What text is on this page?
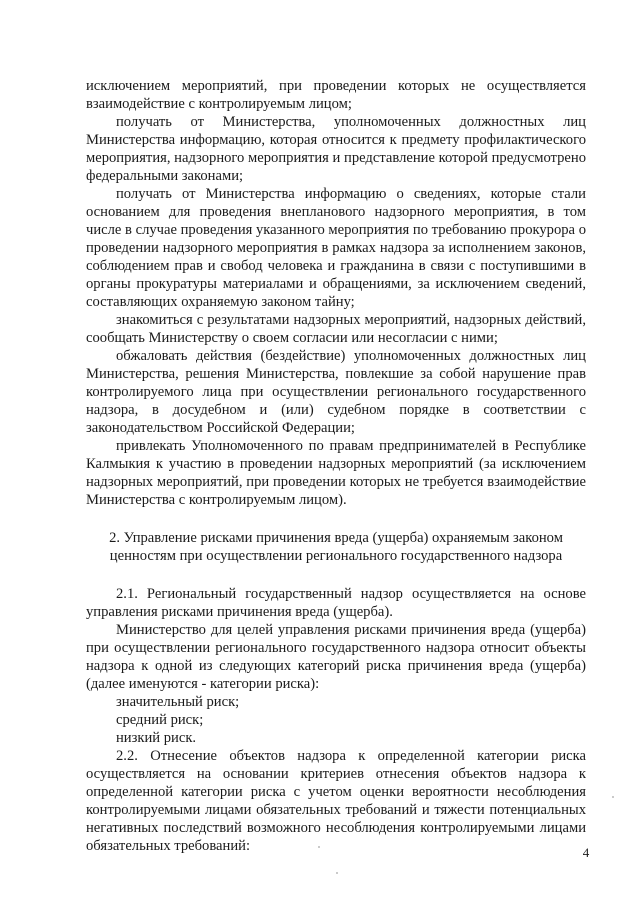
исключением мероприятий, при проведении которых не осуществляется взаимодействие с контролируемым лицом;

получать от Министерства, уполномоченных должностных лиц Министерства информацию, которая относится к предмету профилактического мероприятия, надзорного мероприятия и представление которой предусмотрено федеральными законами;

получать от Министерства информацию о сведениях, которые стали основанием для проведения внепланового надзорного мероприятия, в том числе в случае проведения указанного мероприятия по требованию прокурора о проведении надзорного мероприятия в рамках надзора за исполнением законов, соблюдением прав и свобод человека и гражданина в связи с поступившими в органы прокуратуры материалами и обращениями, за исключением сведений, составляющих охраняемую законом тайну;

знакомиться с результатами надзорных мероприятий, надзорных действий, сообщать Министерству о своем согласии или несогласии с ними;

обжаловать действия (бездействие) уполномоченных должностных лиц Министерства, решения Министерства, повлекшие за собой нарушение прав контролируемого лица при осуществлении регионального государственного надзора, в досудебном и (или) судебном порядке в соответствии с законодательством Российской Федерации;

привлекать Уполномоченного по правам предпринимателей в Республике Калмыкия к участию в проведении надзорных мероприятий (за исключением надзорных мероприятий, при проведении которых не требуется взаимодействие Министерства с контролируемым лицом).

2. Управление рисками причинения вреда (ущерба) охраняемым законом ценностям при осуществлении регионального государственного надзора

2.1. Региональный государственный надзор осуществляется на основе управления рисками причинения вреда (ущерба).

Министерство для целей управления рисками причинения вреда (ущерба) при осуществлении регионального государственного надзора относит объекты надзора к одной из следующих категорий риска причинения вреда (ущерба) (далее именуются - категории риска):

значительный риск;

средний риск;

низкий риск.

2.2. Отнесение объектов надзора к определенной категории риска осуществляется на основании критериев отнесения объектов надзора к определенной категории риска с учетом оценки вероятности несоблюдения контролируемыми лицами обязательных требований и тяжести потенциальных негативных последствий возможного несоблюдения контролируемыми лицами обязательных требований:	4
